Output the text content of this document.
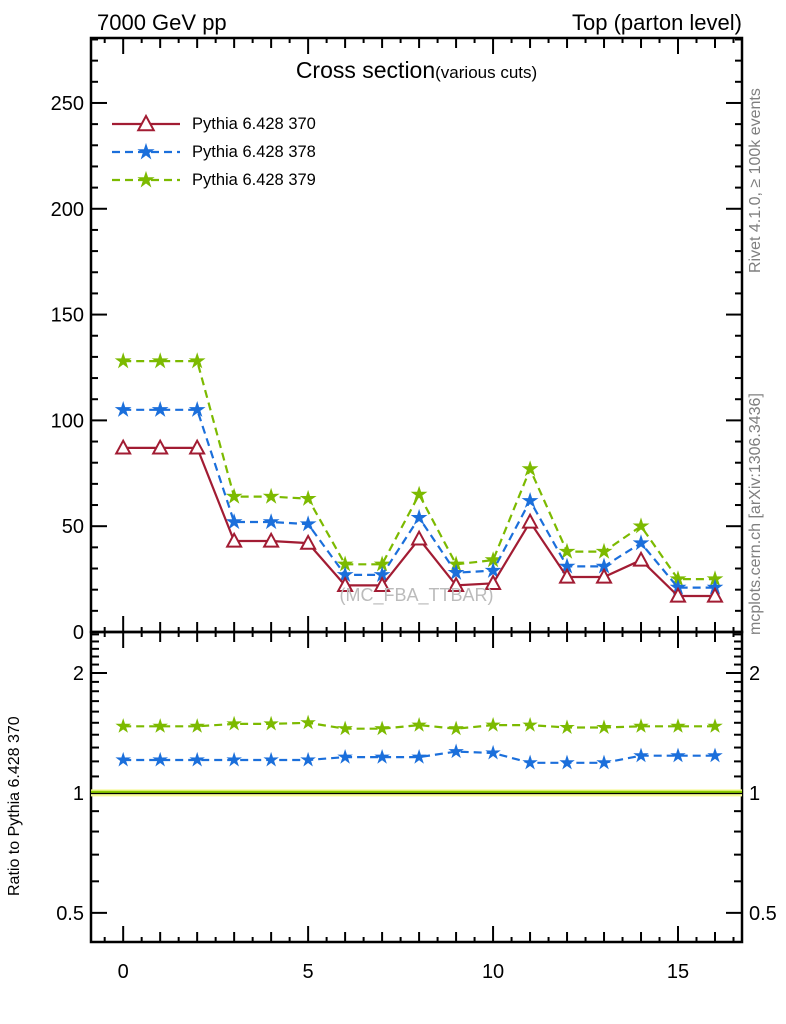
0
50
100
150
200
250
0	5	10	15
0.5	0.5
1	1
2	2
7000 GeV pp	Top (parton level)
Cross section(various cuts)
Pythia 6.428 370
Pythia 6.428 378
Pythia 6.428 379
(MC_FBA_TTBAR)
Rivet 4.1.0, ≥ 100k events
mcplots.cern.ch [arXiv:1306.3436]
Ratio to Pythia 6.428 370
